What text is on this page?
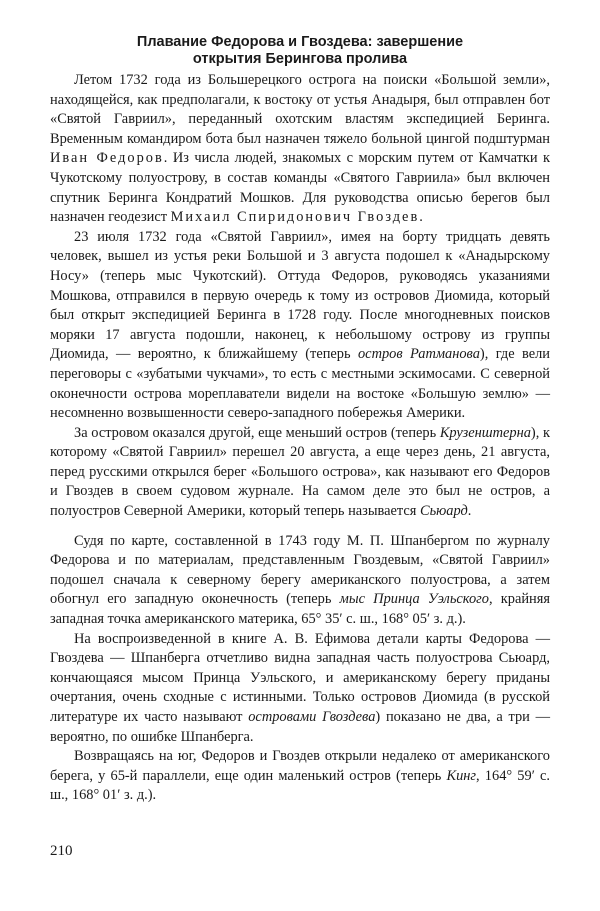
Плавание Федорова и Гвоздева: завершение
открытия Берингова пролива

Летом 1732 года из Большерецкого острога на поиски «Большой земли», находящейся, как предполагали, к востоку от устья Анадыря, был отправлен бот «Святой Гавриил», переданный охотским властям экспедицией Беринга. Временным командиром бота был назначен тяжело больной цингой подштурман Иван Федоров. Из числа людей, знакомых с морским путем от Камчатки к Чукотскому полуострову, в состав команды «Святого Гавриила» был включен спутник Беринга Кондратий Мошков. Для руководства описью берегов был назначен геодезист Михаил Спиридонович Гвоздев.

23 июля 1732 года «Святой Гавриил», имея на борту тридцать девять человек, вышел из устья реки Большой и 3 августа подошел к «Анадырскому Носу» (теперь мыс Чукотский). Оттуда Федоров, руководясь указаниями Мошкова, отправился в первую очередь к тому из островов Диомида, который был открыт экспедицией Беринга в 1728 году. После многодневных поисков моряки 17 августа подошли, наконец, к небольшому острову из группы Диомида, — вероятно, к ближайшему (теперь остров Ратманова), где вели переговоры с «зубатыми чукчами», то есть с местными эскимосами. С северной оконечности острова мореплаватели видели на востоке «Большую землю» — несомненно возвышенности северо-западного побережья Америки.

За островом оказался другой, еще меньший остров (теперь Крузенштерна), к которому «Святой Гавриил» перешел 20 августа, а еще через день, 21 августа, перед русскими открылся берег «Большого острова», как называют его Федоров и Гвоздев в своем судовом журнале. На самом деле это был не остров, а полуостров Северной Америки, который теперь называется Сьюард.

Судя по карте, составленной в 1743 году М. П. Шпанбергом по журналу Федорова и по материалам, представленным Гвоздевым, «Святой Гавриил» подошел сначала к северному берегу американского полуострова, а затем обогнул его западную оконечность (теперь мыс Принца Уэльского, крайняя западная точка американского материка, 65° 35′ с. ш., 168° 05′ з. д.).

На воспроизведенной в книге А. В. Ефимова детали карты Федорова — Гвоздева — Шпанберга отчетливо видна западная часть полуострова Сьюард, кончающаяся мысом Принца Уэльского, и американскому берегу приданы очертания, очень сходные с истинными. Только островов Диомида (в русской литературе их часто называют островами Гвоздева) показано не два, а три — вероятно, по ошибке Шпанберга.

Возвращаясь на юг, Федоров и Гвоздев открыли недалеко от американского берега, у 65-й параллели, еще один маленький остров (теперь Кинг, 164° 59′ с. ш., 168° 01′ з. д.).

210
